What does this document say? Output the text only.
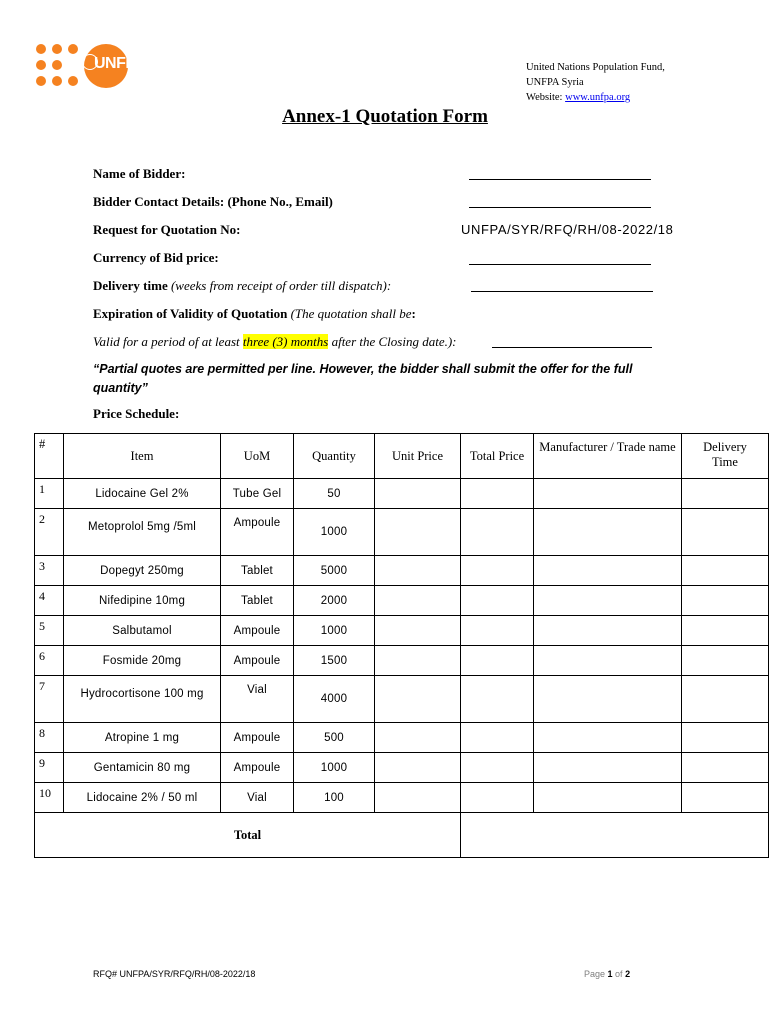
UNFPA	United Nations Population Fund,
UNFPA Syria
Website: www.unfpa.org
Annex-1 Quotation Form
Name of Bidder:
Bidder Contact Details: (Phone No., Email)
Request for Quotation No:	UNFPA/SYR/RFQ/RH/08-2022/18
Currency of Bid price:
Delivery time (weeks from receipt of order till dispatch):
Expiration of Validity of Quotation (The quotation shall be:
Valid for a period of at least three (3) months after the Closing date.):
“Partial quotes are permitted per line. However, the bidder shall submit the offer for the full quantity”
Price Schedule:
#	Item	UoM	Quantity	Unit Price	Total Price	Manufacturer / Trade name	Delivery Time
1	Lidocaine Gel 2%	Tube Gel	50				
2	Metoprolol 5mg /5ml	Ampoule	1000				
3	Dopegyt 250mg	Tablet	5000				
4	Nifedipine 10mg	Tablet	2000				
5	Salbutamol	Ampoule	1000				
6	Fosmide 20mg	Ampoule	1500				
7	Hydrocortisone 100 mg	Vial	4000				
8	Atropine 1 mg	Ampoule	500				
9	Gentamicin 80 mg	Ampoule	1000				
10	Lidocaine 2% / 50 ml	Vial	100				
Total							
RFQ# UNFPA/SYR/RFQ/RH/08-2022/18	Page 1 of 2
